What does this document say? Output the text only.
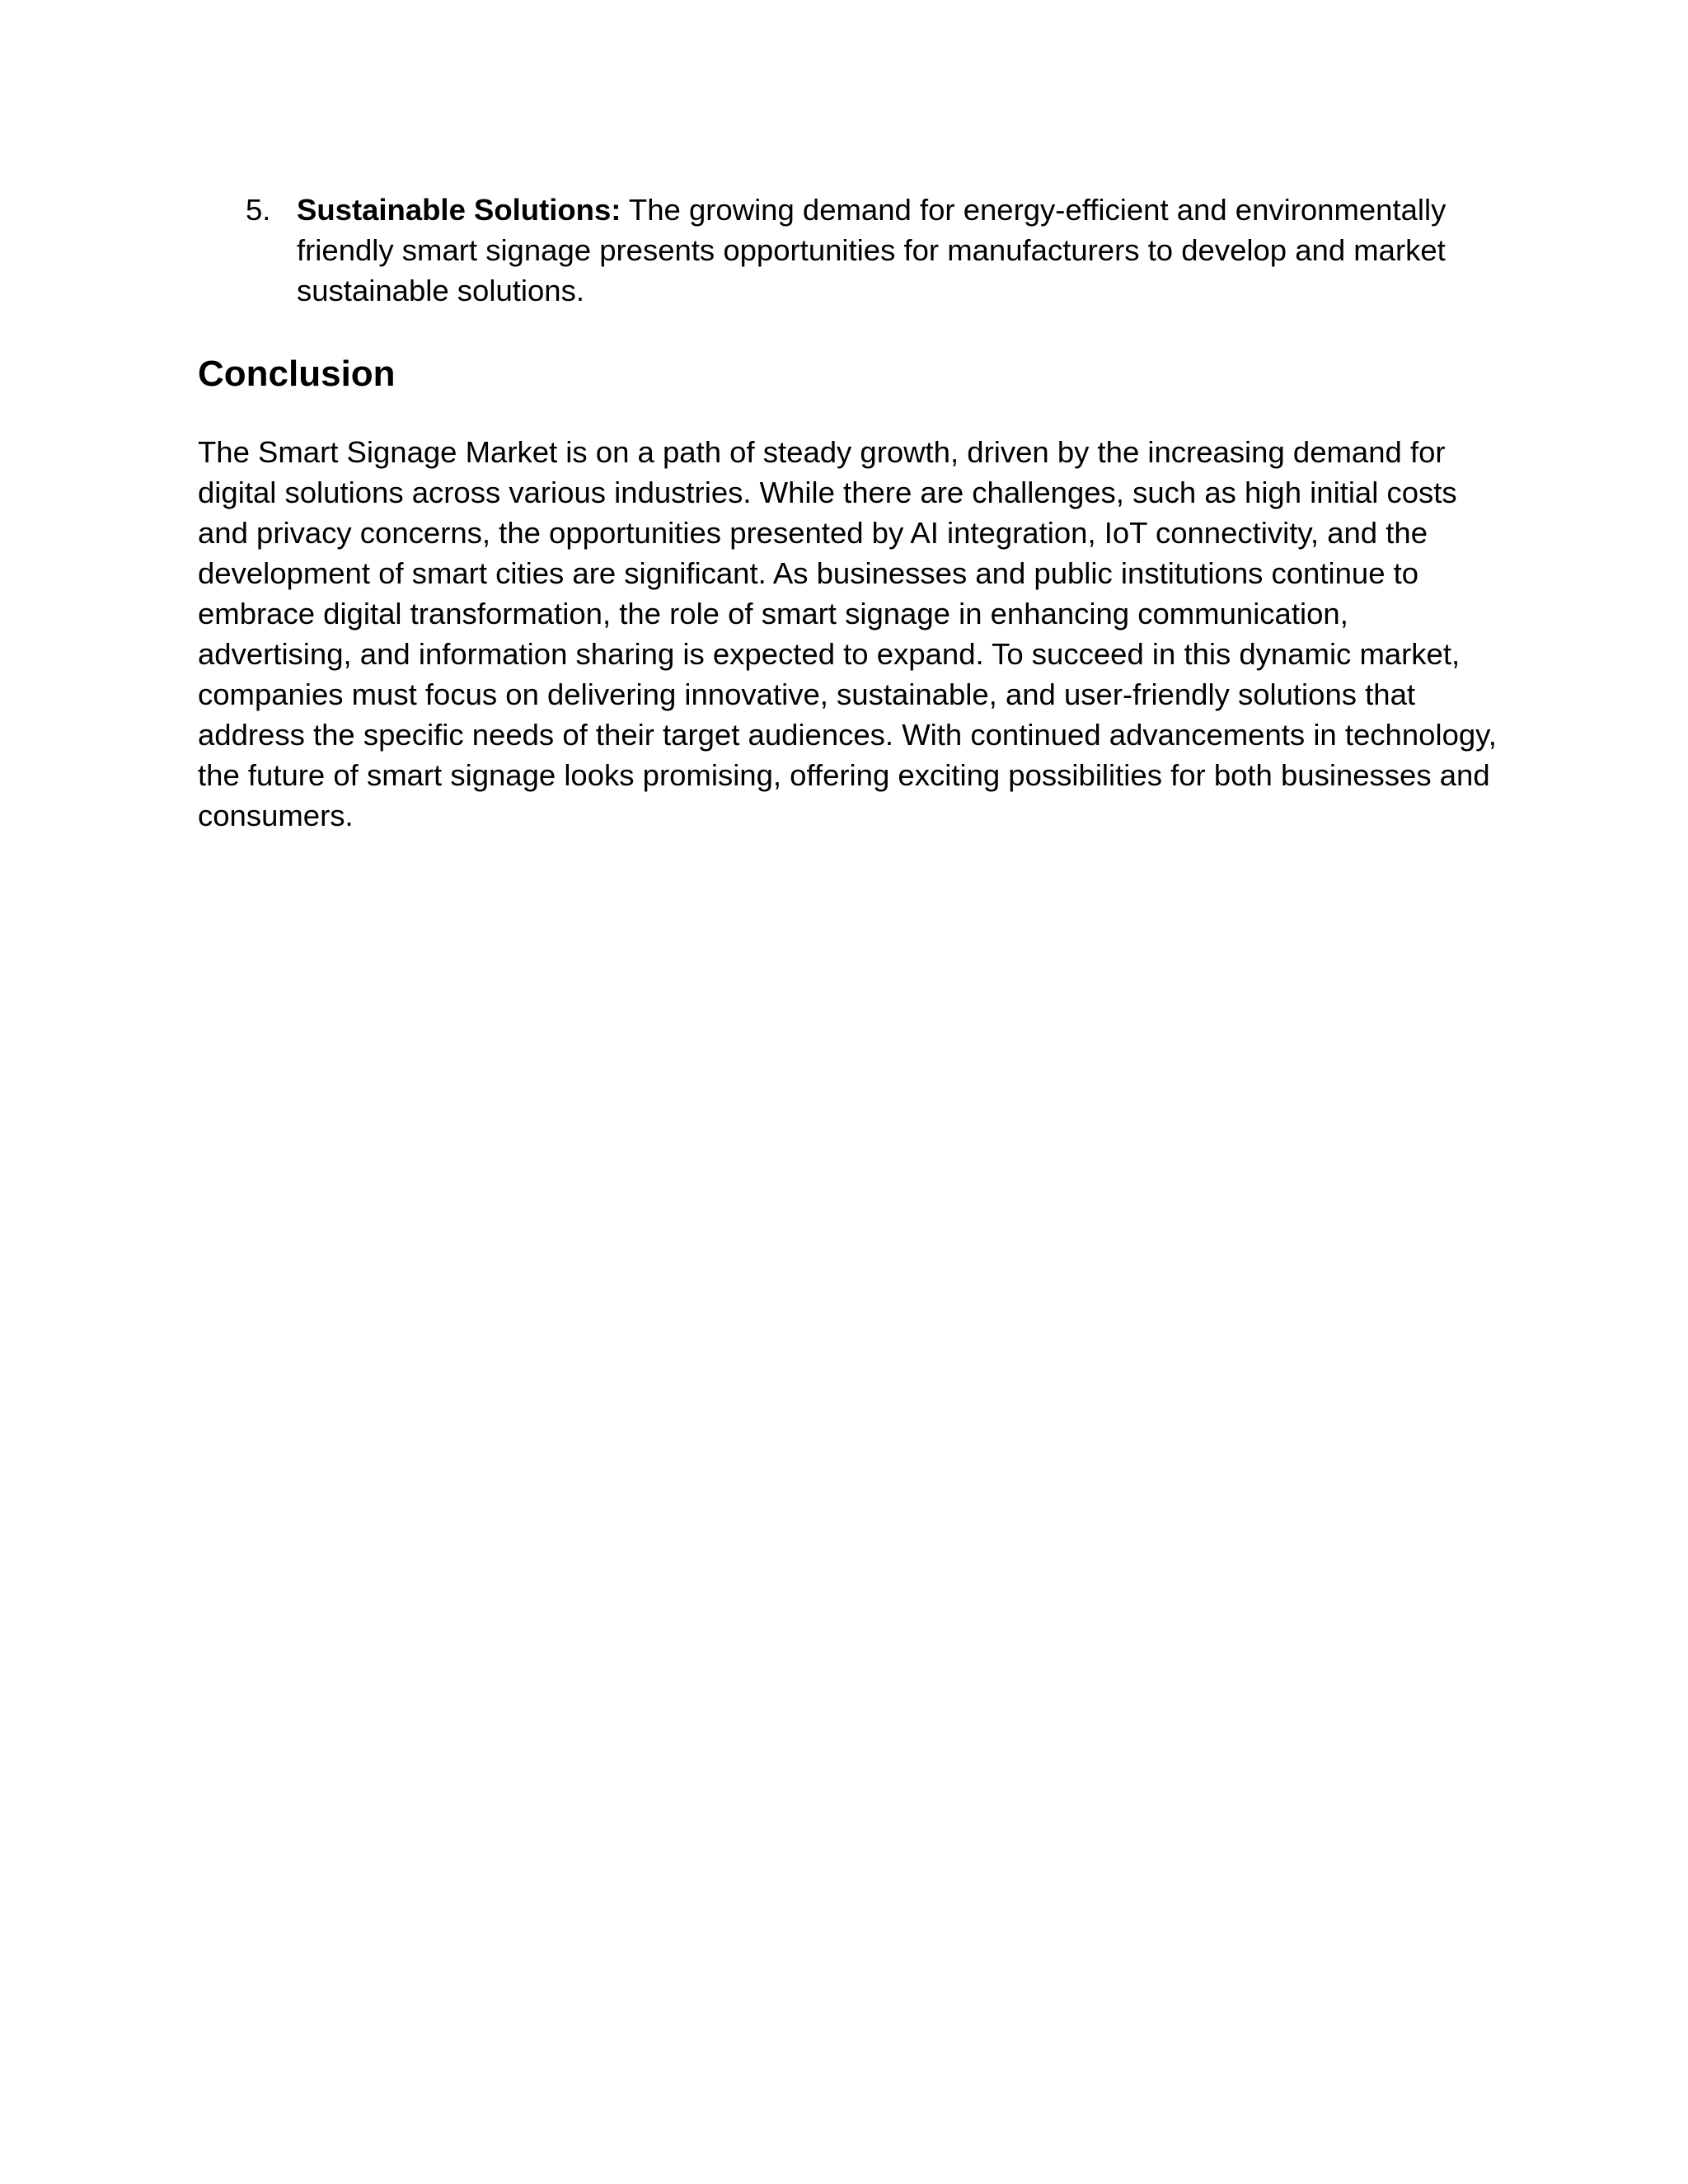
5. Sustainable Solutions: The growing demand for energy-efficient and environmentally friendly smart signage presents opportunities for manufacturers to develop and market sustainable solutions.
Conclusion

The Smart Signage Market is on a path of steady growth, driven by the increasing demand for digital solutions across various industries. While there are challenges, such as high initial costs and privacy concerns, the opportunities presented by AI integration, IoT connectivity, and the development of smart cities are significant. As businesses and public institutions continue to embrace digital transformation, the role of smart signage in enhancing communication, advertising, and information sharing is expected to expand. To succeed in this dynamic market, companies must focus on delivering innovative, sustainable, and user-friendly solutions that address the specific needs of their target audiences. With continued advancements in technology, the future of smart signage looks promising, offering exciting possibilities for both businesses and consumers.
